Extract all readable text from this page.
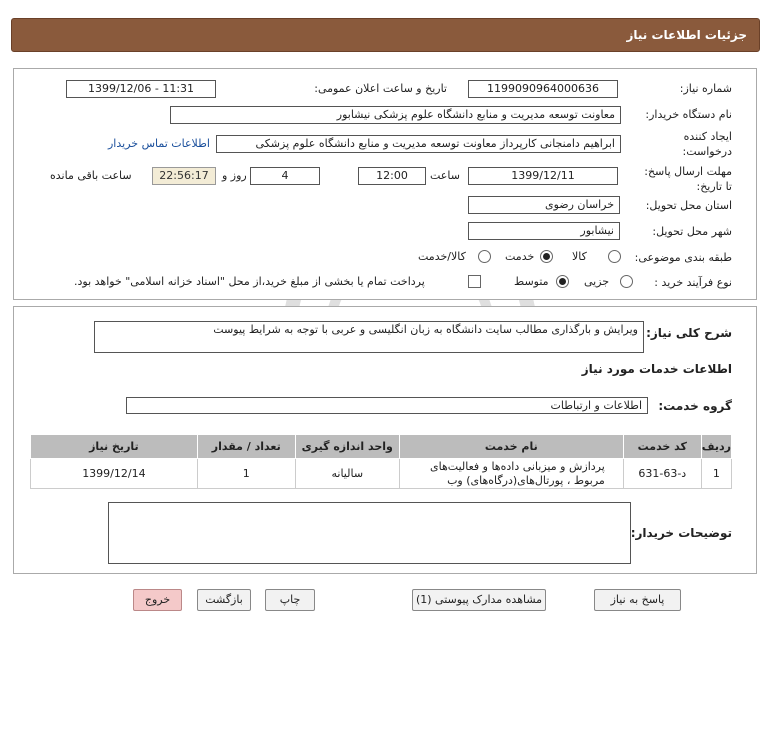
جزئیات اطلاعات نیاز
شماره نیاز:
1199090964000636
تاریخ و ساعت اعلان عمومی:
1399/12/06 - 11:31
نام دستگاه خریدار:
معاونت توسعه مدیریت و منابع دانشگاه علوم پزشکی نیشابور
ایجاد کننده
درخواست:
ابراهیم دامنجانی کارپرداز معاونت توسعه مدیریت و منابع دانشگاه علوم پزشکی
اطلاعات تماس خریدار
مهلت ارسال پاسخ:
تا تاریخ:
1399/12/11
ساعت
12:00
4
روز و
22:56:17
ساعت باقی مانده
استان محل تحویل:
خراسان رضوی
شهر محل تحویل:
نیشابور
طبقه بندی موضوعی:
کالا
خدمت
کالا/خدمت
نوع فرآیند خرید :
جزیی
متوسط
پرداخت تمام یا بخشی از مبلغ خرید،از محل "اسناد خزانه اسلامی" خواهد بود.
شرح کلی نیاز:
ویرایش و بارگذاری مطالب سایت دانشگاه به زبان انگلیسی و عربی با توجه به شرایط پیوست
اطلاعات خدمات مورد نیاز
گروه خدمت:
اطلاعات و ارتباطات
ردیف	کد خدمت	نام خدمت	واحد اندازه گیری	تعداد / مقدار	تاریخ نیاز
1	د-63-631	پردازش و میزبانی داده‌ها و فعالیت‌های مربوط ، پورتال‌های(درگاه‌های) وب	سالیانه	1	1399/12/14
توضیحات خریدار:
پاسخ به نیاز
مشاهده مدارک پیوستی (1)
چاپ
بازگشت
خروج
